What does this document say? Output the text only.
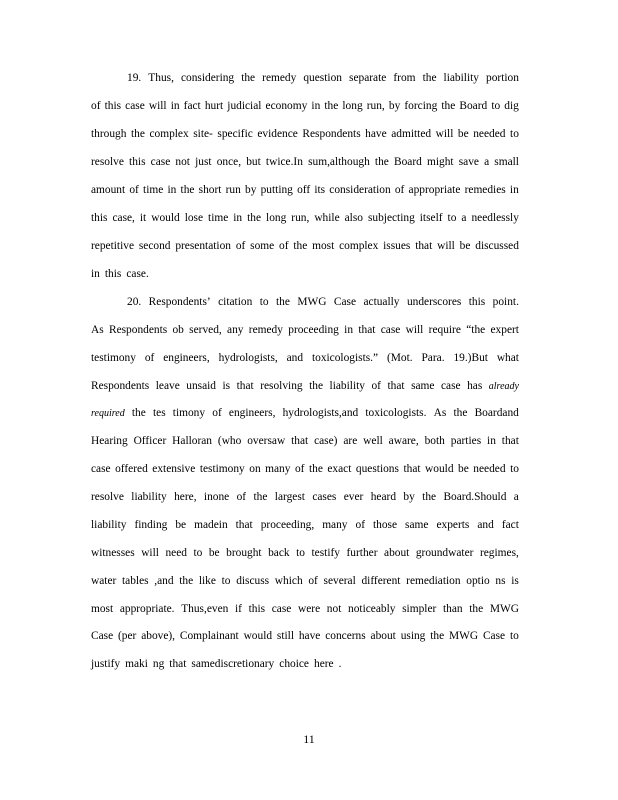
19. Thus, considering the remedy question separate from the liability portion
of this case will in fact hurt judicial economy in the long run, by forcing the Board to dig
through the complex site- specific evidence Respondents have admitted will be needed to
resolve this case not just once, but twice.In sum,although the Board might save a small
amount of time in the short run by putting off its consideration of appropriate remedies in
this case, it would lose time in the long run, while also subjecting itself to a needlessly
repetitive second presentation of some of the most complex issues that will be discussed
in this case.
20. Respondents’ citation to the MWG Case actually underscores this point.
As Respondents ob served, any remedy proceeding in that case will require “the expert
testimony of engineers, hydrologists, and toxicologists.” (Mot. Para. 19.)But what
Respondents leave unsaid is that resolving the liability of that same case has already
required the tes timony of engineers, hydrologists,and toxicologists. As the Boardand
Hearing Officer Halloran (who oversaw that case) are well aware, both parties in that
case offered extensive testimony on many of the exact questions that would be needed to
resolve liability here, inone of the largest cases ever heard by the Board.Should a
liability finding be madein that proceeding, many of those same experts and fact
witnesses will need to be brought back to testify further about groundwater regimes,
water tables ,and the like to discuss which of several different remediation optio ns is
most appropriate. Thus,even if this case were not noticeably simpler than the MWG
Case (per above), Complainant would still have concerns about using the MWG Case to
justify maki ng that samediscretionary choice here .
11
